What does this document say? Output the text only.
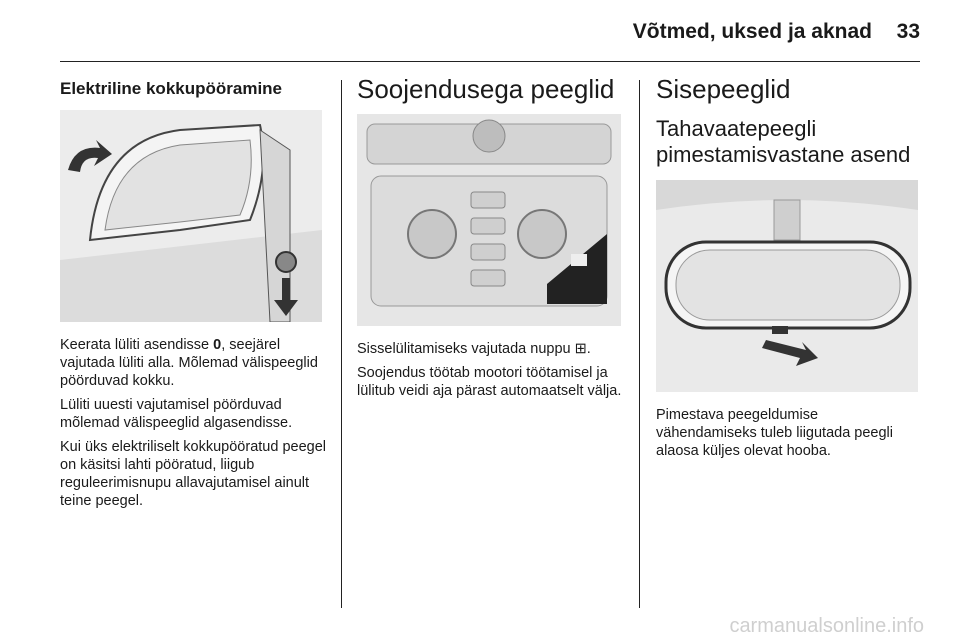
Võtmed, uksed ja aknad 33
Elektriline kokkupööramine

Keerata lüliti asendisse 0, seejärel vajutada lüliti alla. Mõlemad välispeeglid pöörduvad kokku.

Lüliti uuesti vajutamisel pöörduvad mõlemad välispeeglid algasendisse.

Kui üks elektriliselt kokkupööratud peegel on käsitsi lahti pööratud, liigub reguleerimisnupu allavajutamisel ainult teine peegel.

Soojendusega peeglid

Sisselülitamiseks vajutada nuppu ⊞.

Soojendus töötab mootori töötamisel ja lülitub veidi aja pärast automaatselt välja.

Sisepeeglid
Tahavaatepeegli pimestamisvastane asend

Pimestava peegeldumise vähendamiseks tuleb liigutada peegli alaosa küljes olevat hooba.

carmanualsonline.info
